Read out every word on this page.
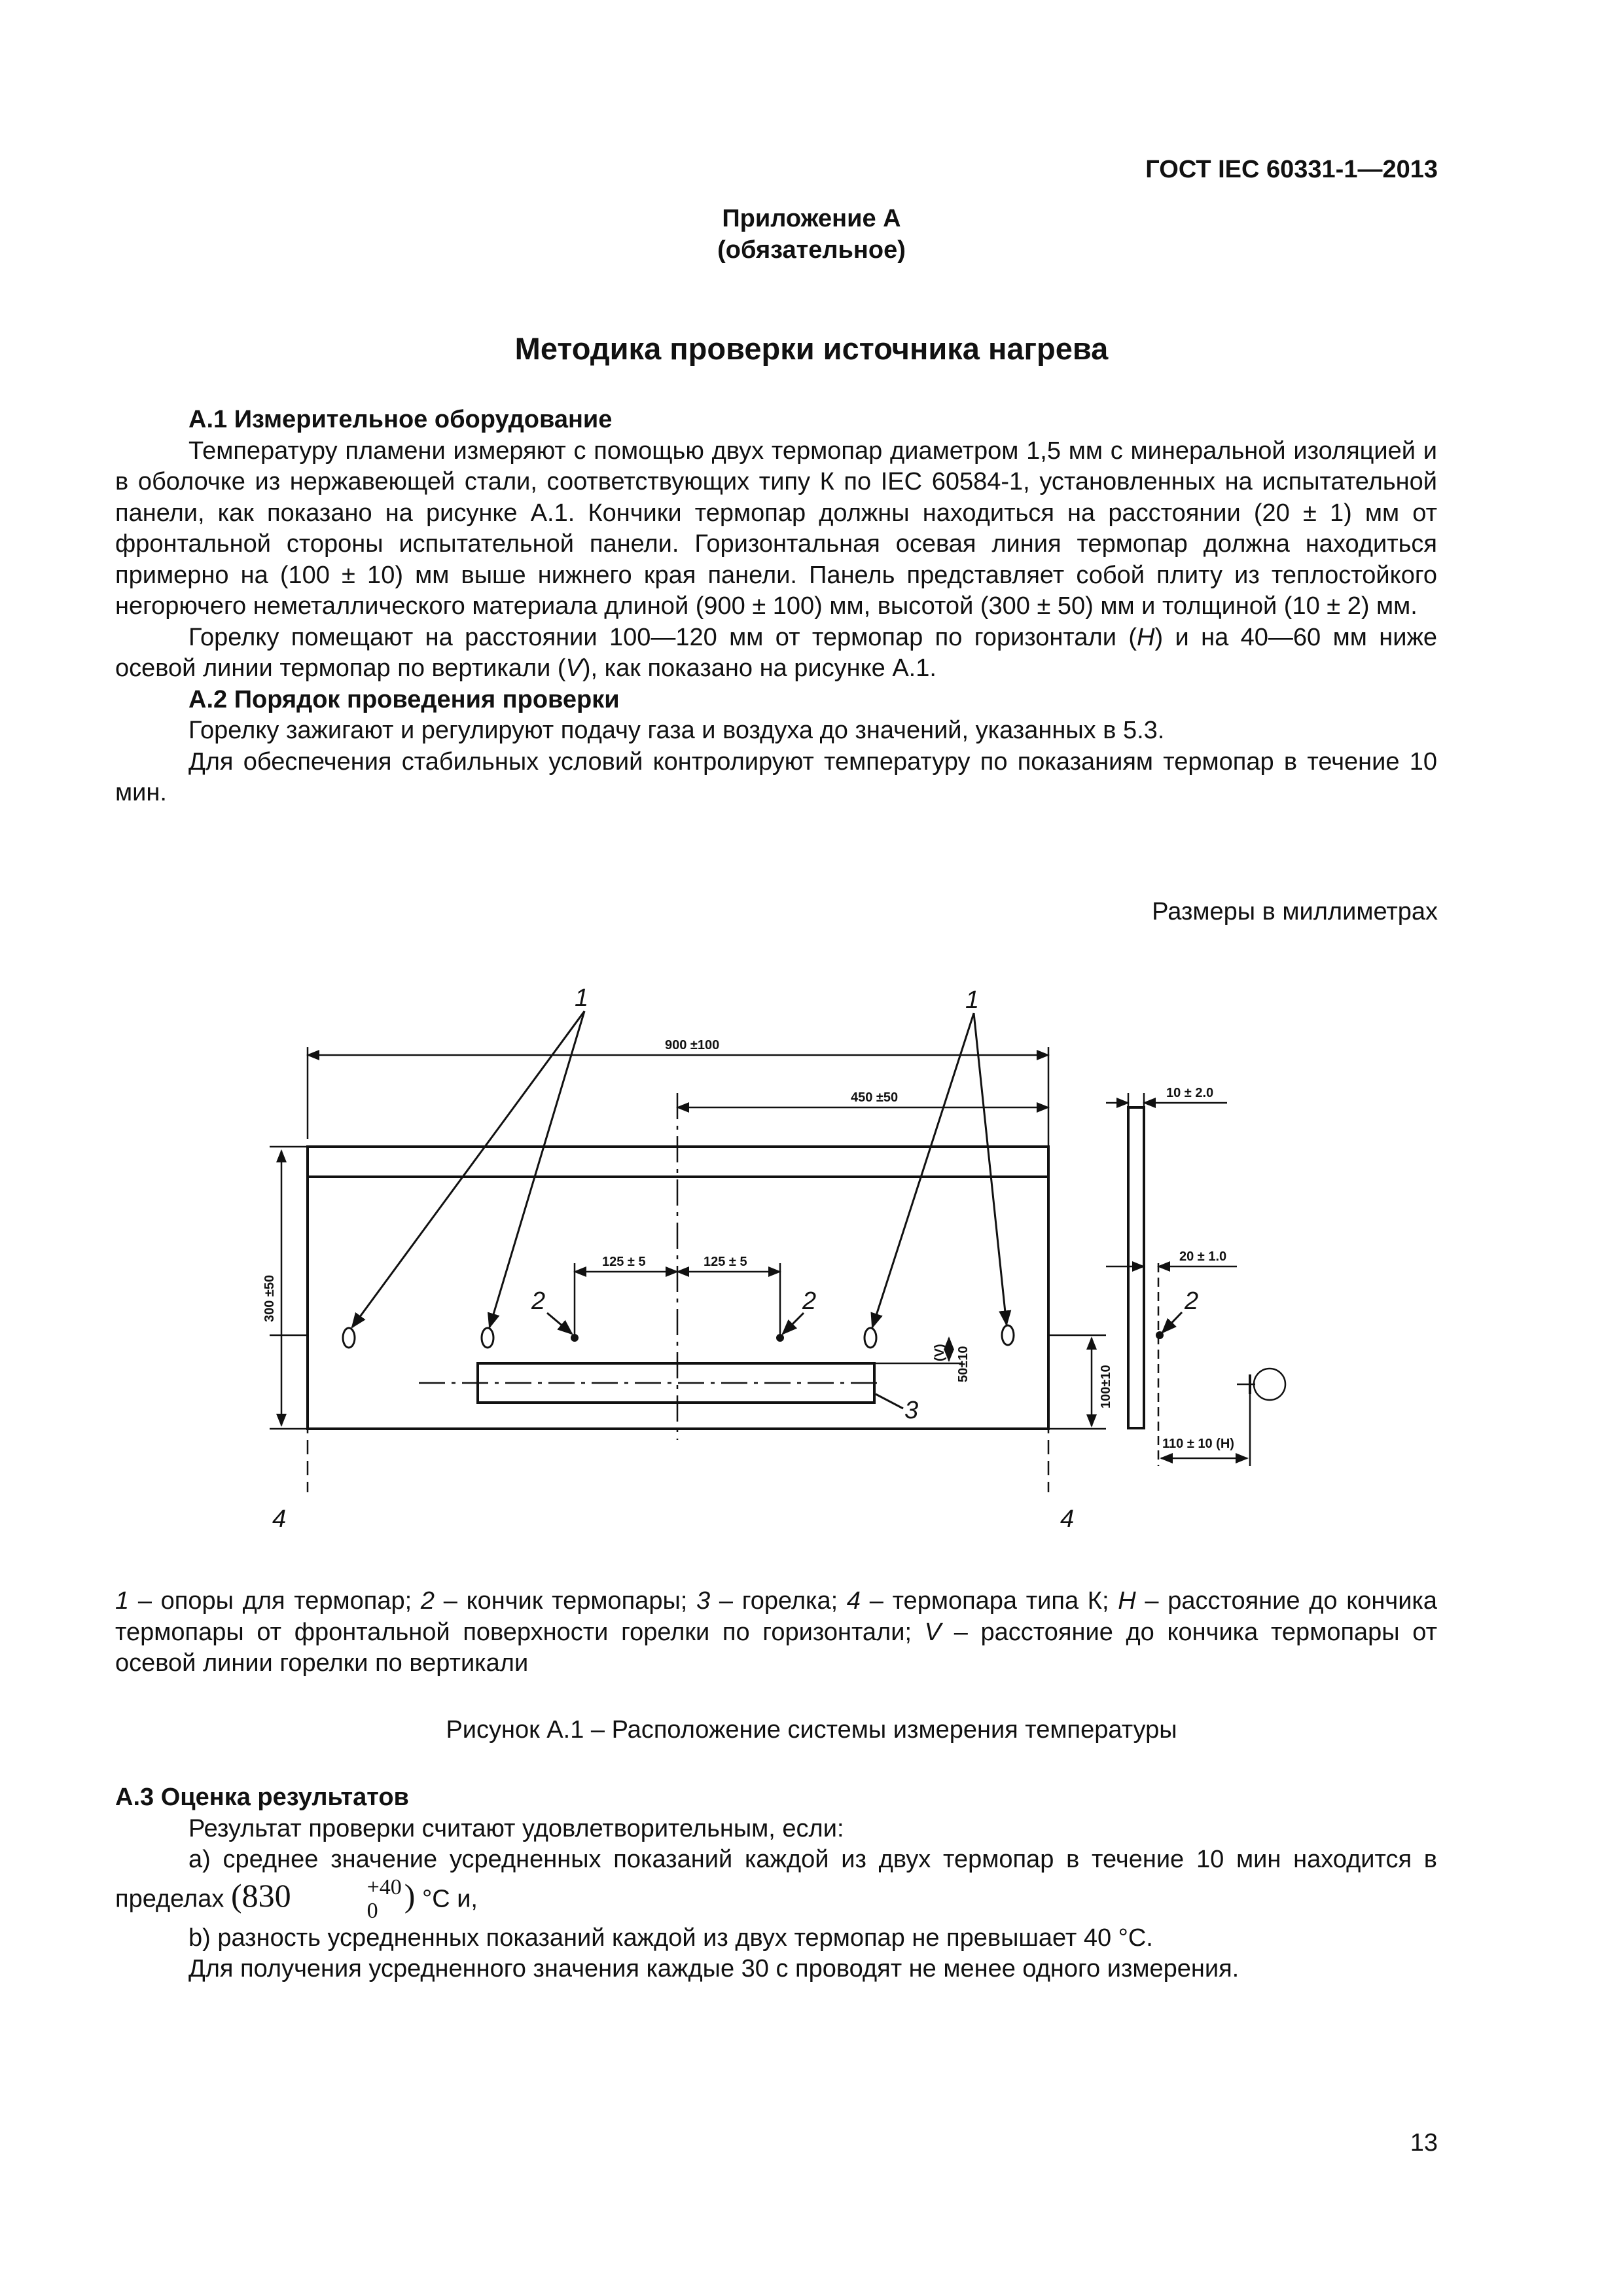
ГОСТ IEC 60331-1—2013
Приложение А
(обязательное)
Методика проверки источника нагрева

А.1 Измерительное оборудование

Температуру пламени измеряют с помощью двух термопар диаметром 1,5 мм с минеральной изоляцией и в оболочке из нержавеющей стали, соответствующих типу К по IEC 60584-1, установленных на испытательной панели, как показано на рисунке А.1. Кончики термопар должны находиться на расстоянии (20 ± 1) мм от фронтальной стороны испытательной панели. Горизонтальная осевая линия термопар должна находиться примерно на (100 ± 10) мм выше нижнего края панели. Панель представляет собой плиту из теплостойкого негорючего неметаллического материала длиной (900 ± 100) мм, высотой (300 ± 50) мм и толщиной (10 ± 2) мм.

Горелку помещают на расстоянии 100—120 мм от термопар по горизонтали (H) и на 40—60 мм ниже осевой линии термопар по вертикали (V), как показано на рисунке А.1.

А.2 Порядок проведения проверки

Горелку зажигают и регулируют подачу газа и воздуха до значений, указанных в 5.3.

Для обеспечения стабильных условий контролируют температуру по показаниям термопар в течение 10 мин.

Размеры в миллиметрах
1	1
2	2	2
3
4	4
900 ±100
450 ±50
125 ± 5	125 ± 5
300 ±50
50±10
(V)
100±10
10 ± 2.0
20 ± 1.0
110 ± 10 (H)
1 – опоры для термопар; 2 – кончик термопары; 3 – горелка; 4 – термопара типа К; H – расстояние до кончика термопары от фронтальной поверхности горелки по горизонтали; V – расстояние до кончика термопары от осевой линии горелки по вертикали
Рисунок А.1 – Расположение системы измерения температуры

А.3 Оценка результатов

Результат проверки считают удовлетворительным, если:

а) среднее значение усредненных показаний каждой из двух термопар в течение 10 мин находится в пределах (830	+40
0 ) °С и,

b) разность усредненных показаний каждой из двух термопар не превышает 40 °С.

Для получения усредненного значения каждые 30 с проводят не менее одного измерения.

13
